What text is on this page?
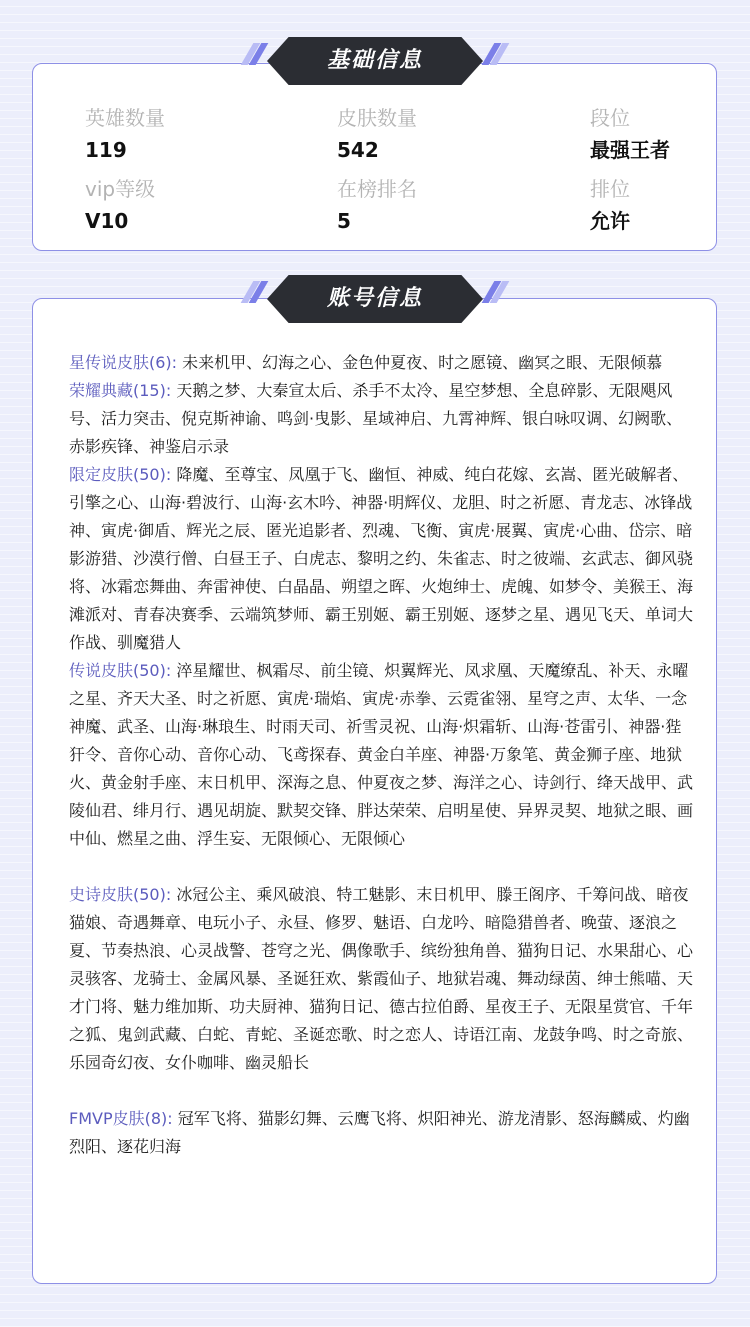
英雄数量
119
皮肤数量
542
段位
最强王者
vip等级
V10
在榜排名
5
排位
允许

星传说皮肤(6): 未来机甲、幻海之心、金色仲夏夜、时之愿镜、幽冥之眼、无限倾慕

荣耀典藏(15): 天鹅之梦、大秦宣太后、杀手不太冷、星空梦想、全息碎影、无限飓风号、活力突击、倪克斯神谕、鸣剑·曳影、星域神启、九霄神辉、银白咏叹调、幻阙歌、赤影疾锋、神鉴启示录

限定皮肤(50): 降魔、至尊宝、凤凰于飞、幽恒、神威、纯白花嫁、玄嵩、匿光破解者、引擎之心、山海·碧波行、山海·玄木吟、神器·明辉仪、龙胆、时之祈愿、青龙志、冰锋战神、寅虎·御盾、辉光之辰、匿光追影者、烈魂、飞衡、寅虎·展翼、寅虎·心曲、岱宗、暗影游猎、沙漠行僧、白昼王子、白虎志、黎明之约、朱雀志、时之彼端、玄武志、御风骁将、冰霜恋舞曲、奔雷神使、白晶晶、朔望之晖、火炮绅士、虎魄、如梦令、美猴王、海滩派对、青春决赛季、云端筑梦师、霸王别姬、霸王别姬、逐梦之星、遇见飞天、单词大作战、驯魔猎人

传说皮肤(50): 淬星耀世、枫霜尽、前尘镜、炽翼辉光、凤求凰、天魔缭乱、补天、永曜之星、齐天大圣、时之祈愿、寅虎·瑞焰、寅虎·赤拳、云霓雀翎、星穹之声、太华、一念神魔、武圣、山海·琳琅生、时雨天司、祈雪灵祝、山海·炽霜斩、山海·苍雷引、神器·狴犴令、音你心动、音你心动、飞鸢探春、黄金白羊座、神器·万象笔、黄金狮子座、地狱火、黄金射手座、末日机甲、深海之息、仲夏夜之梦、海洋之心、诗剑行、绛天战甲、武陵仙君、绯月行、遇见胡旋、默契交锋、胖达荣荣、启明星使、异界灵契、地狱之眼、画中仙、燃星之曲、浮生妄、无限倾心、无限倾心

史诗皮肤(50): 冰冠公主、乘风破浪、特工魅影、末日机甲、滕王阁序、千筹问战、暗夜猫娘、奇遇舞章、电玩小子、永昼、修罗、魅语、白龙吟、暗隐猎兽者、晚萤、逐浪之夏、节奏热浪、心灵战警、苍穹之光、偶像歌手、缤纷独角兽、猫狗日记、水果甜心、心灵骇客、龙骑士、金属风暴、圣诞狂欢、紫霞仙子、地狱岩魂、舞动绿茵、绅士熊喵、天才门将、魅力维加斯、功夫厨神、猫狗日记、德古拉伯爵、星夜王子、无限星赏官、千年之狐、鬼剑武藏、白蛇、青蛇、圣诞恋歌、时之恋人、诗语江南、龙鼓争鸣、时之奇旅、乐园奇幻夜、女仆咖啡、幽灵船长

FMVP皮肤(8): 冠军飞将、猫影幻舞、云鹰飞将、炽阳神光、游龙清影、怒海麟威、灼幽烈阳、逐花归海

基础信息
账号信息
